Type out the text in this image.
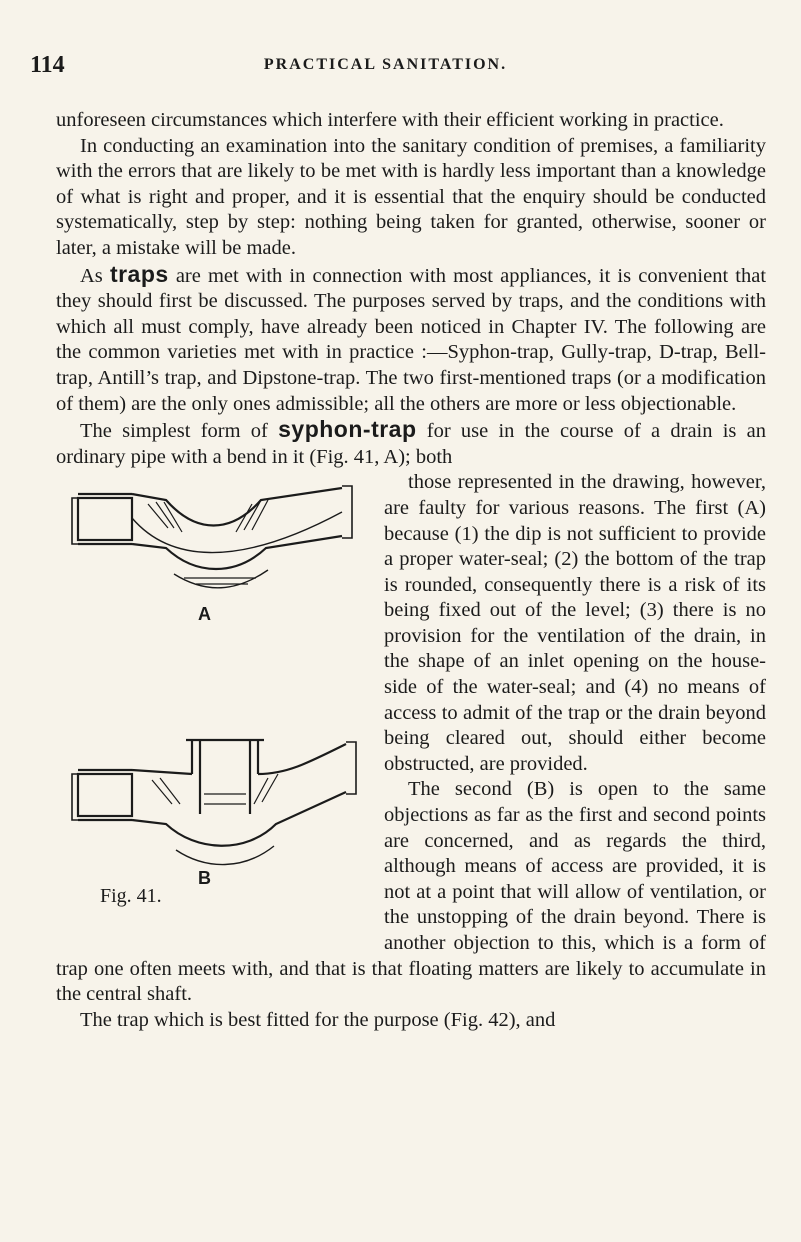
114	PRACTICAL SANITATION.

unforeseen circumstances which interfere with their efficient working in practice.

In conducting an examination into the sanitary condition of premises, a familiarity with the errors that are likely to be met with is hardly less important than a knowledge of what is right and proper, and it is essential that the enquiry should be conducted systematically, step by step: nothing being taken for granted, otherwise, sooner or later, a mistake will be made.

As traps are met with in connection with most appliances, it is convenient that they should first be discussed. The purposes served by traps, and the conditions with which all must comply, have already been noticed in Chapter IV. The following are the common varieties met with in practice :—Syphon-trap, Gully-trap, D-trap, Bell-trap, Antill’s trap, and Dipstone-trap. The two first-mentioned traps (or a modification of them) are the only ones admissible; all the others are more or less objectionable.

The simplest form of syphon-trap for use in the course of a drain is an ordinary pipe with a bend in it (Fig. 41, A); both
A
B
Fig. 41.
those represented in the drawing, however, are faulty for various reasons. The first (A) because (1) the dip is not sufficient to provide a proper water-seal; (2) the bottom of the trap is rounded, consequently there is a risk of its being fixed out of the level; (3) there is no provision for the ventilation of the drain, in the shape of an inlet opening on the house-side of the water-seal; and (4) no means of access to admit of the trap or the drain beyond being cleared out, should either become obstructed, are provided.

The second (B) is open to the same objections as far as the first and second points are concerned, and as regards the third, although means of access are provided, it is not at a point that will allow of ventilation, or the unstopping of the drain beyond. There is another objection to this, which is a form of trap one often meets with, and that is that floating matters are likely to accumulate in the central shaft.

The trap which is best fitted for the purpose (Fig. 42), and
